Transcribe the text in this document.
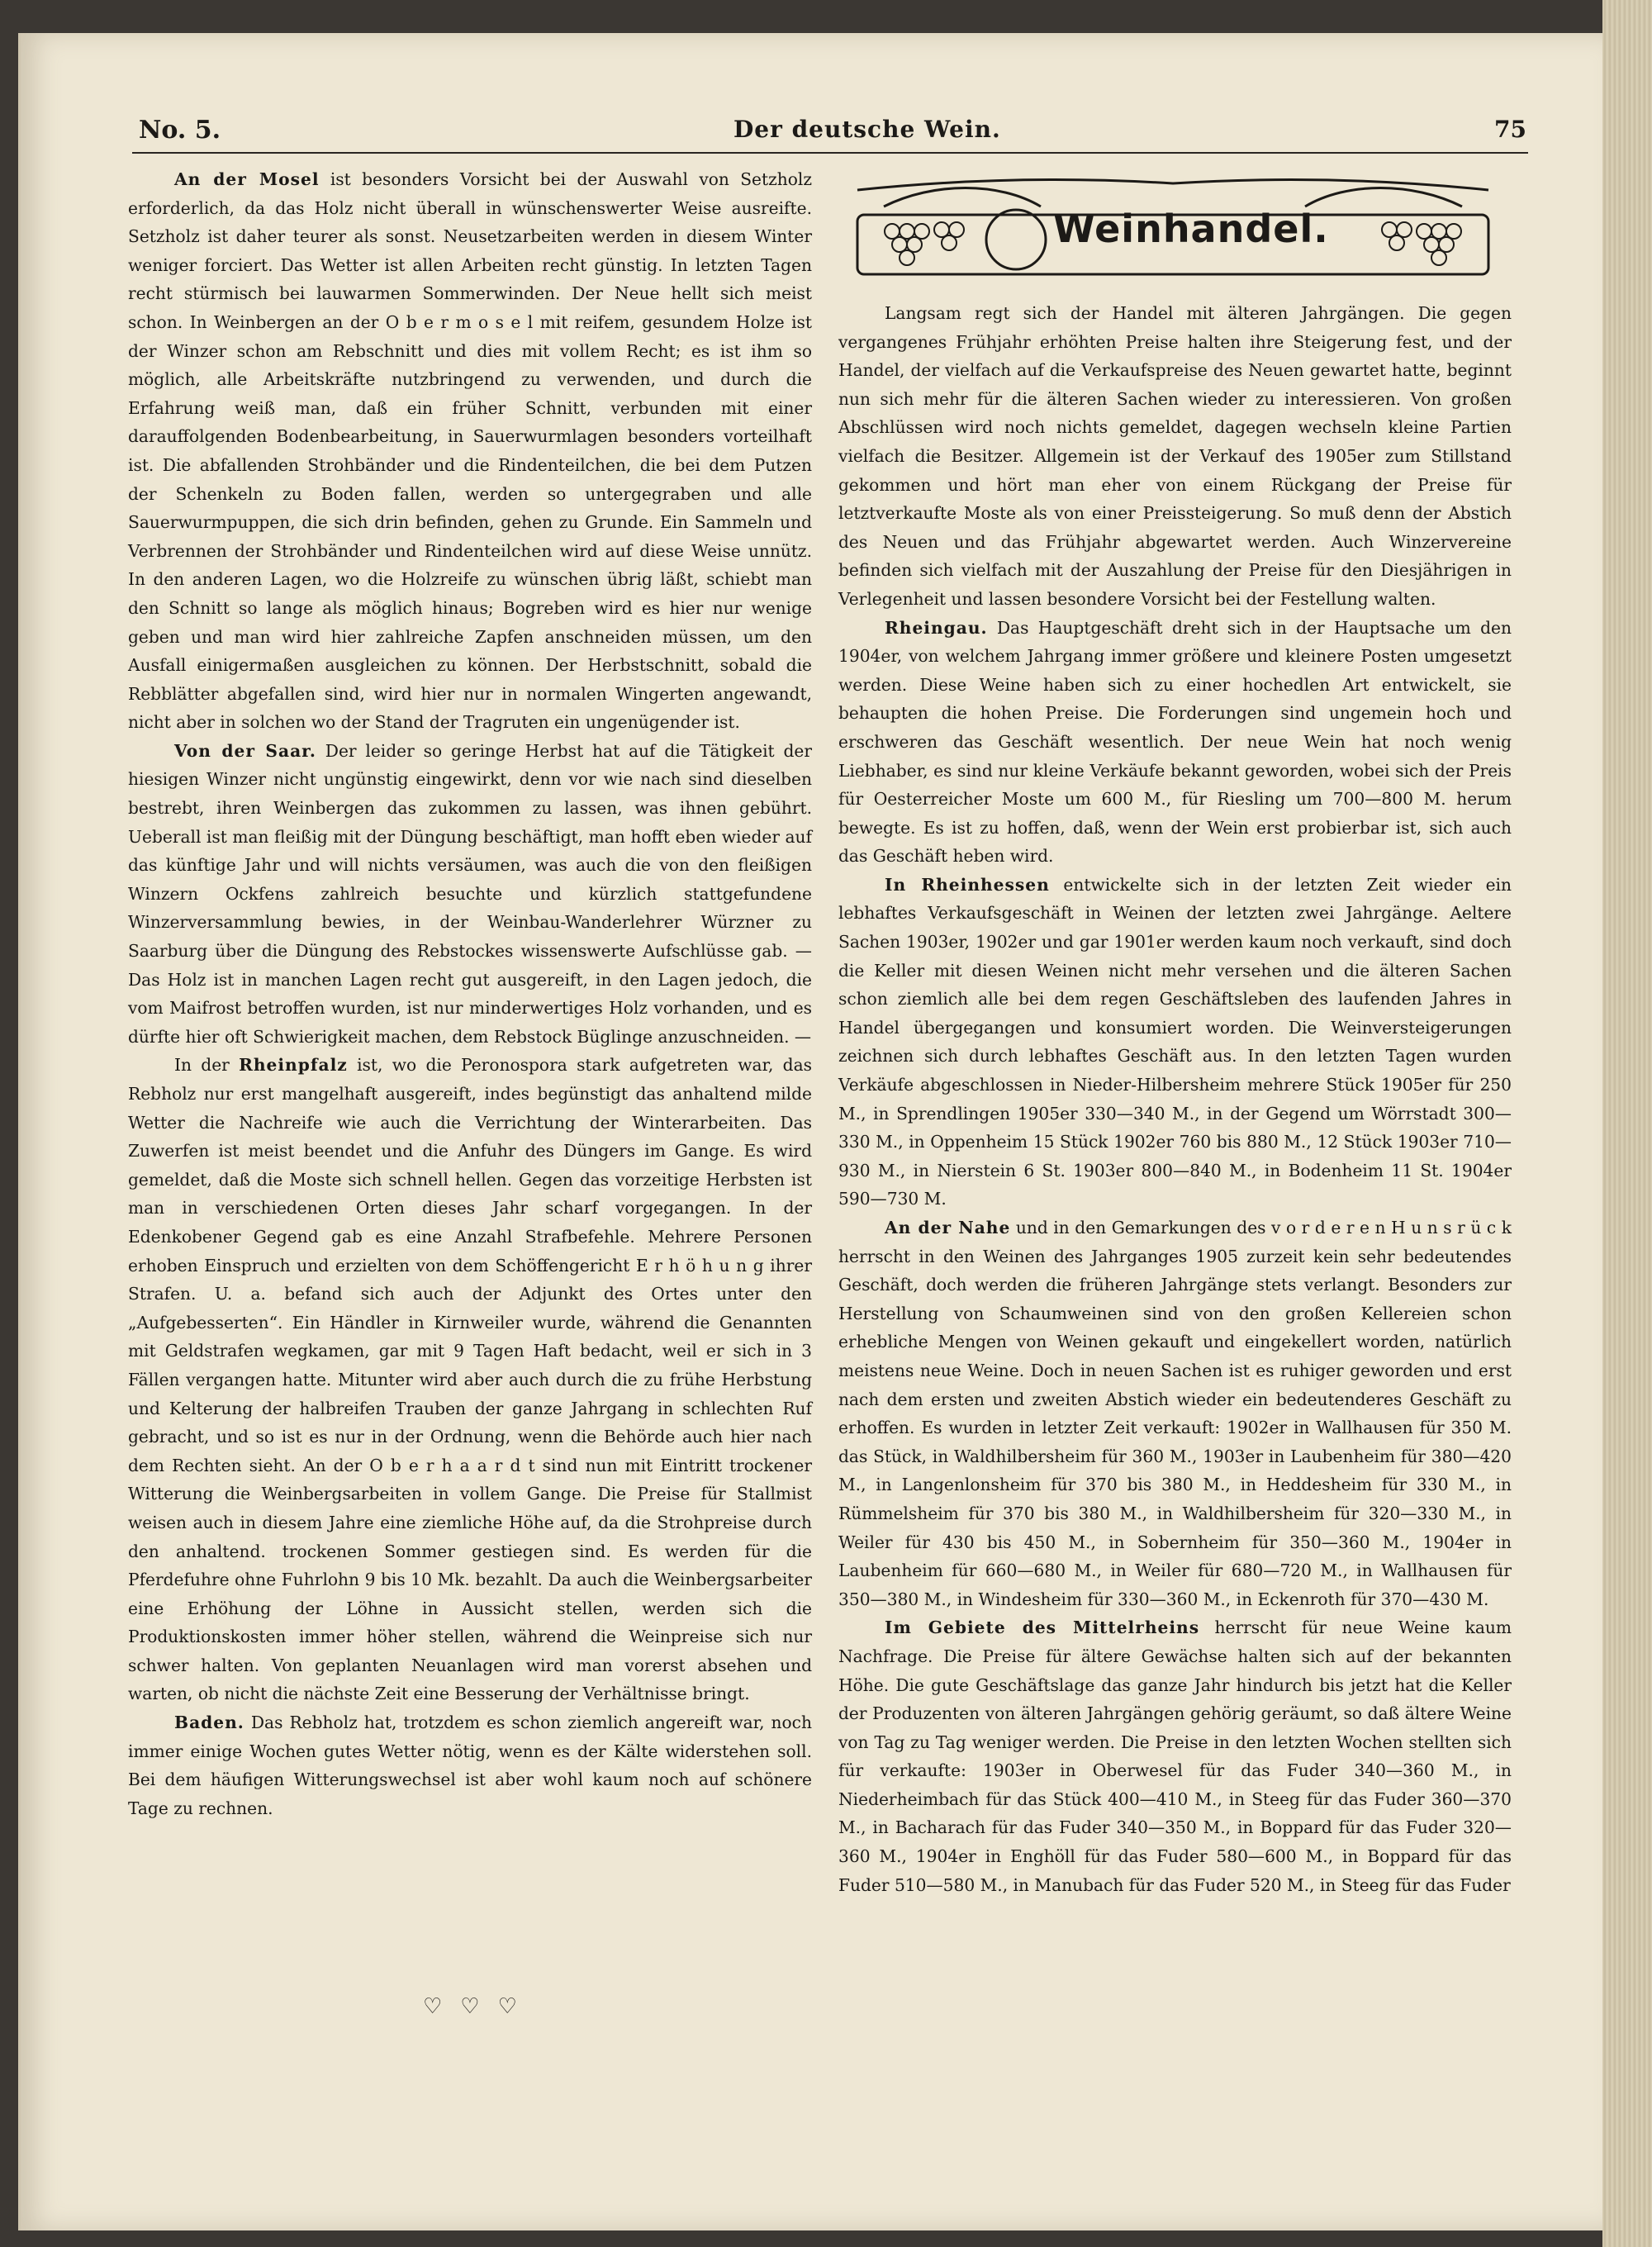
No. 5.	Der deutsche Wein.	75

An der Mosel ist besonders Vorsicht bei der Auswahl von Setzholz erforderlich, da das Holz nicht überall in wünschenswerter Weise ausreifte. Setzholz ist daher teurer als sonst. Neusetzarbeiten werden in diesem Winter weniger forciert. Das Wetter ist allen Arbeiten recht günstig. In letzten Tagen recht stürmisch bei lauwarmen Sommerwinden. Der Neue hellt sich meist schon. In Weinbergen an der O b e r m o s e l mit reifem, gesundem Holze ist der Winzer schon am Rebschnitt und dies mit vollem Recht; es ist ihm so möglich, alle Arbeitskräfte nutzbringend zu verwenden, und durch die Erfahrung weiß man, daß ein früher Schnitt, verbunden mit einer darauffolgenden Bodenbearbeitung, in Sauerwurmlagen besonders vorteilhaft ist. Die abfallenden Strohbänder und die Rindenteilchen, die bei dem Putzen der Schenkeln zu Boden fallen, werden so untergegraben und alle Sauerwurmpuppen, die sich drin befinden, gehen zu Grunde. Ein Sammeln und Verbrennen der Strohbänder und Rindenteilchen wird auf diese Weise unnütz. In den anderen Lagen, wo die Holzreife zu wünschen übrig läßt, schiebt man den Schnitt so lange als möglich hinaus; Bogreben wird es hier nur wenige geben und man wird hier zahlreiche Zapfen anschneiden müssen, um den Ausfall einigermaßen ausgleichen zu können. Der Herbstschnitt, sobald die Rebblätter abgefallen sind, wird hier nur in normalen Wingerten angewandt, nicht aber in solchen wo der Stand der Tragruten ein ungenügender ist.

Von der Saar. Der leider so geringe Herbst hat auf die Tätigkeit der hiesigen Winzer nicht ungünstig eingewirkt, denn vor wie nach sind dieselben bestrebt, ihren Weinbergen das zukommen zu lassen, was ihnen gebührt. Ueberall ist man fleißig mit der Düngung beschäftigt, man hofft eben wieder auf das künftige Jahr und will nichts versäumen, was auch die von den fleißigen Winzern Ockfens zahlreich besuchte und kürzlich stattgefundene Winzerversammlung bewies, in der Weinbau-Wanderlehrer Würzner zu Saarburg über die Düngung des Rebstockes wissenswerte Aufschlüsse gab. — Das Holz ist in manchen Lagen recht gut ausgereift, in den Lagen jedoch, die vom Maifrost betroffen wurden, ist nur minderwertiges Holz vorhanden, und es dürfte hier oft Schwierigkeit machen, dem Rebstock Büglinge anzuschneiden. —

In der Rheinpfalz ist, wo die Peronospora stark aufgetreten war, das Rebholz nur erst mangelhaft ausgereift, indes begünstigt das anhaltend milde Wetter die Nachreife wie auch die Verrichtung der Winterarbeiten. Das Zuwerfen ist meist beendet und die Anfuhr des Düngers im Gange. Es wird gemeldet, daß die Moste sich schnell hellen. Gegen das vorzeitige Herbsten ist man in verschiedenen Orten dieses Jahr scharf vorgegangen. In der Edenkobener Gegend gab es eine Anzahl Strafbefehle. Mehrere Personen erhoben Einspruch und erzielten von dem Schöffengericht E r h ö h u n g ihrer Strafen. U. a. befand sich auch der Adjunkt des Ortes unter den „Aufgebesserten“. Ein Händler in Kirnweiler wurde, während die Genannten mit Geldstrafen wegkamen, gar mit 9 Tagen Haft bedacht, weil er sich in 3 Fällen vergangen hatte. Mitunter wird aber auch durch die zu frühe Herbstung und Kelterung der halbreifen Trauben der ganze Jahrgang in schlechten Ruf gebracht, und so ist es nur in der Ordnung, wenn die Behörde auch hier nach dem Rechten sieht. An der O b e r h a a r d t sind nun mit Eintritt trockener Witterung die Weinbergsarbeiten in vollem Gange. Die Preise für Stallmist weisen auch in diesem Jahre eine ziemliche Höhe auf, da die Strohpreise durch den anhaltend. trockenen Sommer gestiegen sind. Es werden für die Pferdefuhre ohne Fuhrlohn 9 bis 10 Mk. bezahlt. Da auch die Weinbergsarbeiter eine Erhöhung der Löhne in Aussicht stellen, werden sich die Produktionskosten immer höher stellen, während die Weinpreise sich nur schwer halten. Von geplanten Neuanlagen wird man vorerst absehen und warten, ob nicht die nächste Zeit eine Besserung der Verhältnisse bringt.

Baden. Das Rebholz hat, trotzdem es schon ziemlich angereift war, noch immer einige Wochen gutes Wetter nötig, wenn es der Kälte widerstehen soll. Bei dem häufigen Witterungswechsel ist aber wohl kaum noch auf schönere Tage zu rechnen.

♡♡♡
Weinhandel.

Langsam regt sich der Handel mit älteren Jahrgängen. Die gegen vergangenes Frühjahr erhöhten Preise halten ihre Steigerung fest, und der Handel, der vielfach auf die Verkaufspreise des Neuen gewartet hatte, beginnt nun sich mehr für die älteren Sachen wieder zu interessieren. Von großen Abschlüssen wird noch nichts gemeldet, dagegen wechseln kleine Partien vielfach die Besitzer. Allgemein ist der Verkauf des 1905er zum Stillstand gekommen und hört man eher von einem Rückgang der Preise für letztverkaufte Moste als von einer Preissteigerung. So muß denn der Abstich des Neuen und das Frühjahr abgewartet werden. Auch Winzervereine befinden sich vielfach mit der Auszahlung der Preise für den Diesjährigen in Verlegenheit und lassen besondere Vorsicht bei der Festellung walten.

Rheingau. Das Hauptgeschäft dreht sich in der Hauptsache um den 1904er, von welchem Jahrgang immer größere und kleinere Posten umgesetzt werden. Diese Weine haben sich zu einer hochedlen Art entwickelt, sie behaupten die hohen Preise. Die Forderungen sind ungemein hoch und erschweren das Geschäft wesentlich. Der neue Wein hat noch wenig Liebhaber, es sind nur kleine Verkäufe bekannt geworden, wobei sich der Preis für Oesterreicher Moste um 600 M., für Riesling um 700—800 M. herum bewegte. Es ist zu hoffen, daß, wenn der Wein erst probierbar ist, sich auch das Geschäft heben wird.

In Rheinhessen entwickelte sich in der letzten Zeit wieder ein lebhaftes Verkaufsgeschäft in Weinen der letzten zwei Jahrgänge. Aeltere Sachen 1903er, 1902er und gar 1901er werden kaum noch verkauft, sind doch die Keller mit diesen Weinen nicht mehr versehen und die älteren Sachen schon ziemlich alle bei dem regen Geschäftsleben des laufenden Jahres in Handel übergegangen und konsumiert worden. Die Weinversteigerungen zeichnen sich durch lebhaftes Geschäft aus. In den letzten Tagen wurden Verkäufe abgeschlossen in Nieder-Hilbersheim mehrere Stück 1905er für 250 M., in Sprendlingen 1905er 330—340 M., in der Gegend um Wörrstadt 300—330 M., in Oppenheim 15 Stück 1902er 760 bis 880 M., 12 Stück 1903er 710—930 M., in Nierstein 6 St. 1903er 800—840 M., in Bodenheim 11 St. 1904er 590—730 M.

An der Nahe und in den Gemarkungen des v o r d e r e n H u n s r ü c k herrscht in den Weinen des Jahrganges 1905 zurzeit kein sehr bedeutendes Geschäft, doch werden die früheren Jahrgänge stets verlangt. Besonders zur Herstellung von Schaumweinen sind von den großen Kellereien schon erhebliche Mengen von Weinen gekauft und eingekellert worden, natürlich meistens neue Weine. Doch in neuen Sachen ist es ruhiger geworden und erst nach dem ersten und zweiten Abstich wieder ein bedeutenderes Geschäft zu erhoffen. Es wurden in letzter Zeit verkauft: 1902er in Wallhausen für 350 M. das Stück, in Waldhilbersheim für 360 M., 1903er in Laubenheim für 380—420 M., in Langenlonsheim für 370 bis 380 M., in Heddesheim für 330 M., in Rümmelsheim für 370 bis 380 M., in Waldhilbersheim für 320—330 M., in Weiler für 430 bis 450 M., in Sobernheim für 350—360 M., 1904er in Laubenheim für 660—680 M., in Weiler für 680—720 M., in Wallhausen für 350—380 M., in Windesheim für 330—360 M., in Eckenroth für 370—430 M.

Im Gebiete des Mittelrheins herrscht für neue Weine kaum Nachfrage. Die Preise für ältere Gewächse halten sich auf der bekannten Höhe. Die gute Geschäftslage das ganze Jahr hindurch bis jetzt hat die Keller der Produzenten von älteren Jahrgängen gehörig geräumt, so daß ältere Weine von Tag zu Tag weniger werden. Die Preise in den letzten Wochen stellten sich für verkaufte: 1903er in Oberwesel für das Fuder 340—360 M., in Niederheimbach für das Stück 400—410 M., in Steeg für das Fuder 360—370 M., in Bacharach für das Fuder 340—350 M., in Boppard für das Fuder 320—360 M., 1904er in Enghöll für das Fuder 580—600 M., in Boppard für das Fuder 510—580 M., in Manubach für das Fuder 520 M., in Steeg für das Fuder
